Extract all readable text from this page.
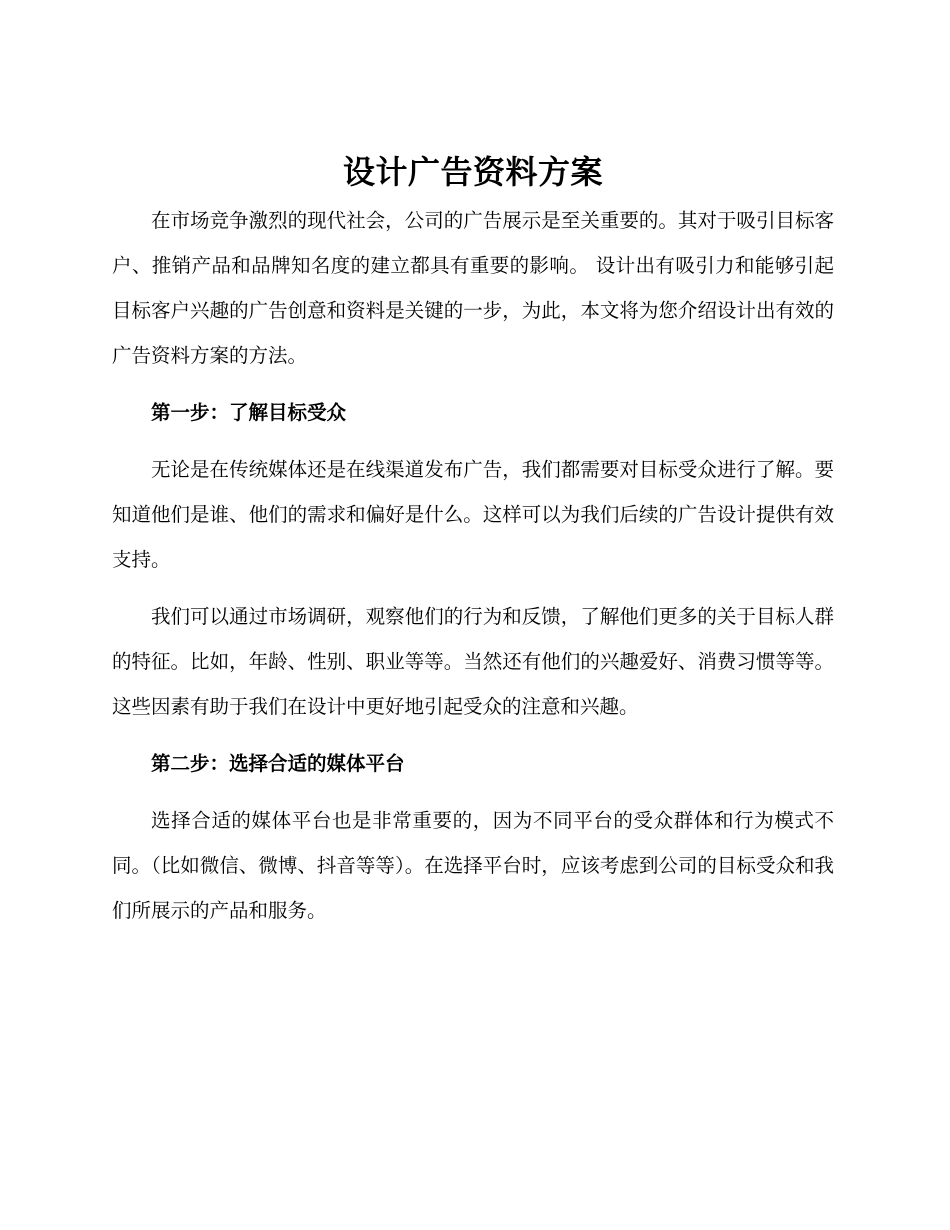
设计广告资料方案

在市场竞争激烈的现代社会，公司的广告展示是至关重要的。其对于吸引目标客户、推销产品和品牌知名度的建立都具有重要的影响。 设计出有吸引力和能够引起目标客户兴趣的广告创意和资料是关键的一步，为此，本文将为您介绍设计出有效的广告资料方案的方法。

第一步：了解目标受众

无论是在传统媒体还是在线渠道发布广告，我们都需要对目标受众进行了解。要知道他们是谁、他们的需求和偏好是什么。这样可以为我们后续的广告设计提供有效支持。

我们可以通过市场调研，观察他们的行为和反馈，了解他们更多的关于目标人群的特征。比如，年龄、性别、职业等等。当然还有他们的兴趣爱好、消费习惯等等。这些因素有助于我们在设计中更好地引起受众的注意和兴趣。

第二步：选择合适的媒体平台

选择合适的媒体平台也是非常重要的，因为不同平台的受众群体和行为模式不同。（比如微信、微博、抖音等等）。在选择平台时，应该考虑到公司的目标受众和我们所展示的产品和服务。
